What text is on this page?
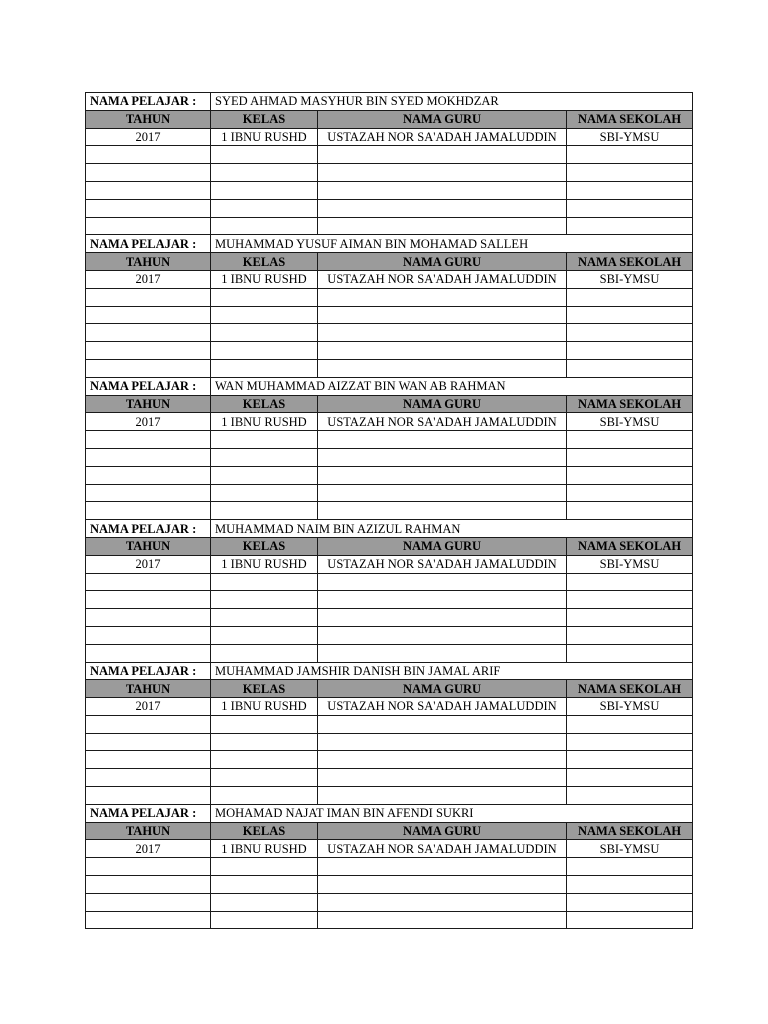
NAMA PELAJAR :	SYED AHMAD MASYHUR BIN SYED MOKHDZAR		
TAHUN	KELAS	NAMA GURU	NAMA SEKOLAH
2017	1 IBNU RUSHD	USTAZAH NOR SA'ADAH JAMALUDDIN	SBI-YMSU

NAMA PELAJAR :	MUHAMMAD YUSUF AIMAN BIN MOHAMAD SALLEH		
TAHUN	KELAS	NAMA GURU	NAMA SEKOLAH
2017	1 IBNU RUSHD	USTAZAH NOR SA'ADAH JAMALUDDIN	SBI-YMSU

NAMA PELAJAR :	WAN MUHAMMAD AIZZAT BIN WAN AB RAHMAN		
TAHUN	KELAS	NAMA GURU	NAMA SEKOLAH
2017	1 IBNU RUSHD	USTAZAH NOR SA'ADAH JAMALUDDIN	SBI-YMSU

NAMA PELAJAR :	MUHAMMAD NAIM BIN AZIZUL RAHMAN		
TAHUN	KELAS	NAMA GURU	NAMA SEKOLAH
2017	1 IBNU RUSHD	USTAZAH NOR SA'ADAH JAMALUDDIN	SBI-YMSU

NAMA PELAJAR :	MUHAMMAD JAMSHIR DANISH BIN JAMAL ARIF		
TAHUN	KELAS	NAMA GURU	NAMA SEKOLAH
2017	1 IBNU RUSHD	USTAZAH NOR SA'ADAH JAMALUDDIN	SBI-YMSU

NAMA PELAJAR :	MOHAMAD NAJAT IMAN BIN AFENDI SUKRI		
TAHUN	KELAS	NAMA GURU	NAMA SEKOLAH
2017	1 IBNU RUSHD	USTAZAH NOR SA'ADAH JAMALUDDIN	SBI-YMSU
